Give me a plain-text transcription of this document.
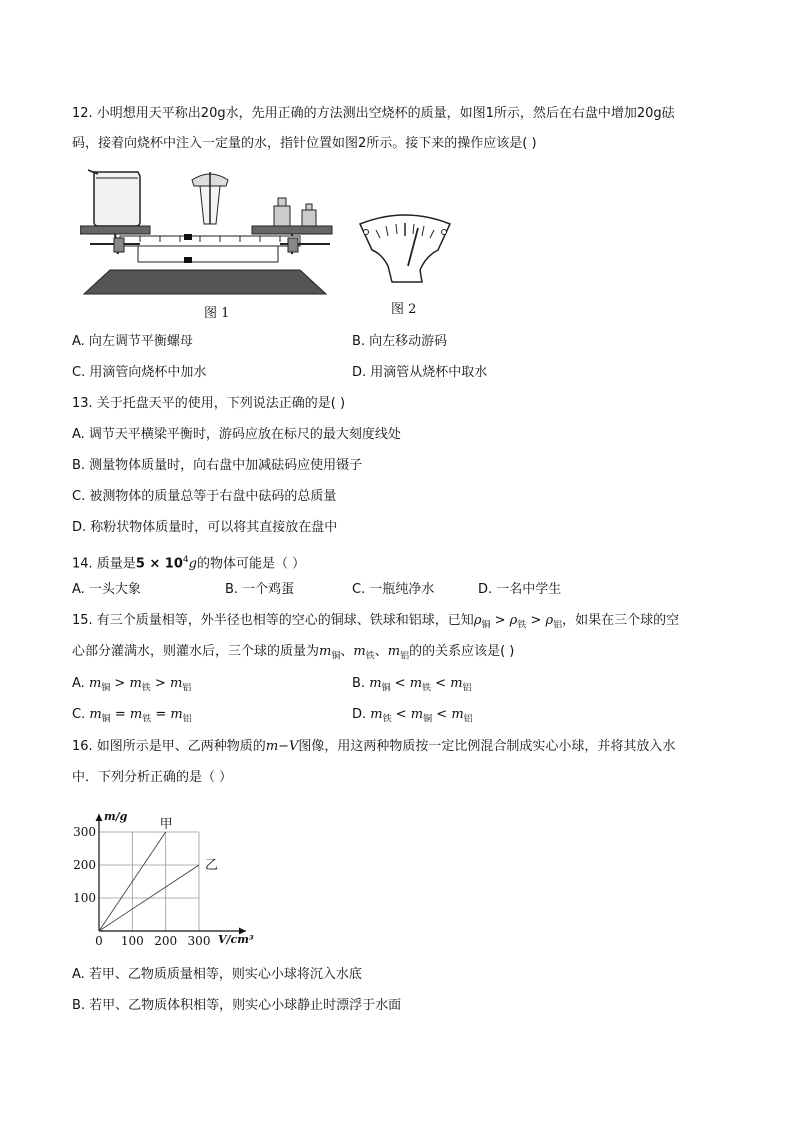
12. 小明想用天平称出20g水，先用正确的方法测出空烧杯的质量，如图1所示，然后在右盘中增加20g砝
码，接着向烧杯中注入一定量的水，指针位置如图2所示。接下来的操作应该是( )
图 1	图 2
A. 向左调节平衡螺母	B. 向左移动游码
C. 用滴管向烧杯中加水	D. 用滴管从烧杯中取水
13. 关于托盘天平的使用，下列说法正确的是( )
A. 调节天平横梁平衡时，游码应放在标尺的最大刻度线处
B. 测量物体质量时，向右盘中加减砝码应使用镊子
C. 被测物体的质量总等于右盘中砝码的总质量
D. 称粉状物体质量时，可以将其直接放在盘中
14. 质量是$5 \times 10^4g$的物体可能是（ ）
A. 一头大象	B. 一个鸡蛋	C. 一瓶纯净水	D. 一名中学生
15. 有三个质量相等，外半径也相等的空心的铜球、铁球和铝球，已知$\rho_铜 > \rho_铁 > \rho_铝$，如果在三个球的空
心部分灌满水，则灌水后，三个球的质量为$m_铜$、$m_铁$、$m_铝$的的关系应该是( )
A. $m_铜 > m_铁 > m_铝$	B. $m_铜 < m_铁 < m_铝$
C. $m_铜 = m_铁 = m_铝$	D. $m_铁 < m_铜 < m_铝$
16. 如图所示是甲、乙两种物质的m−V图像，用这两种物质按一定比例混合制成实心小球，并将其放入水
中．下列分析正确的是（ ）
甲
乙
0 100 200 300
100
200
300
m/g
V/cm³
A. 若甲、乙物质质量相等，则实心小球将沉入水底
B. 若甲、乙物质体积相等，则实心小球静止时漂浮于水面
